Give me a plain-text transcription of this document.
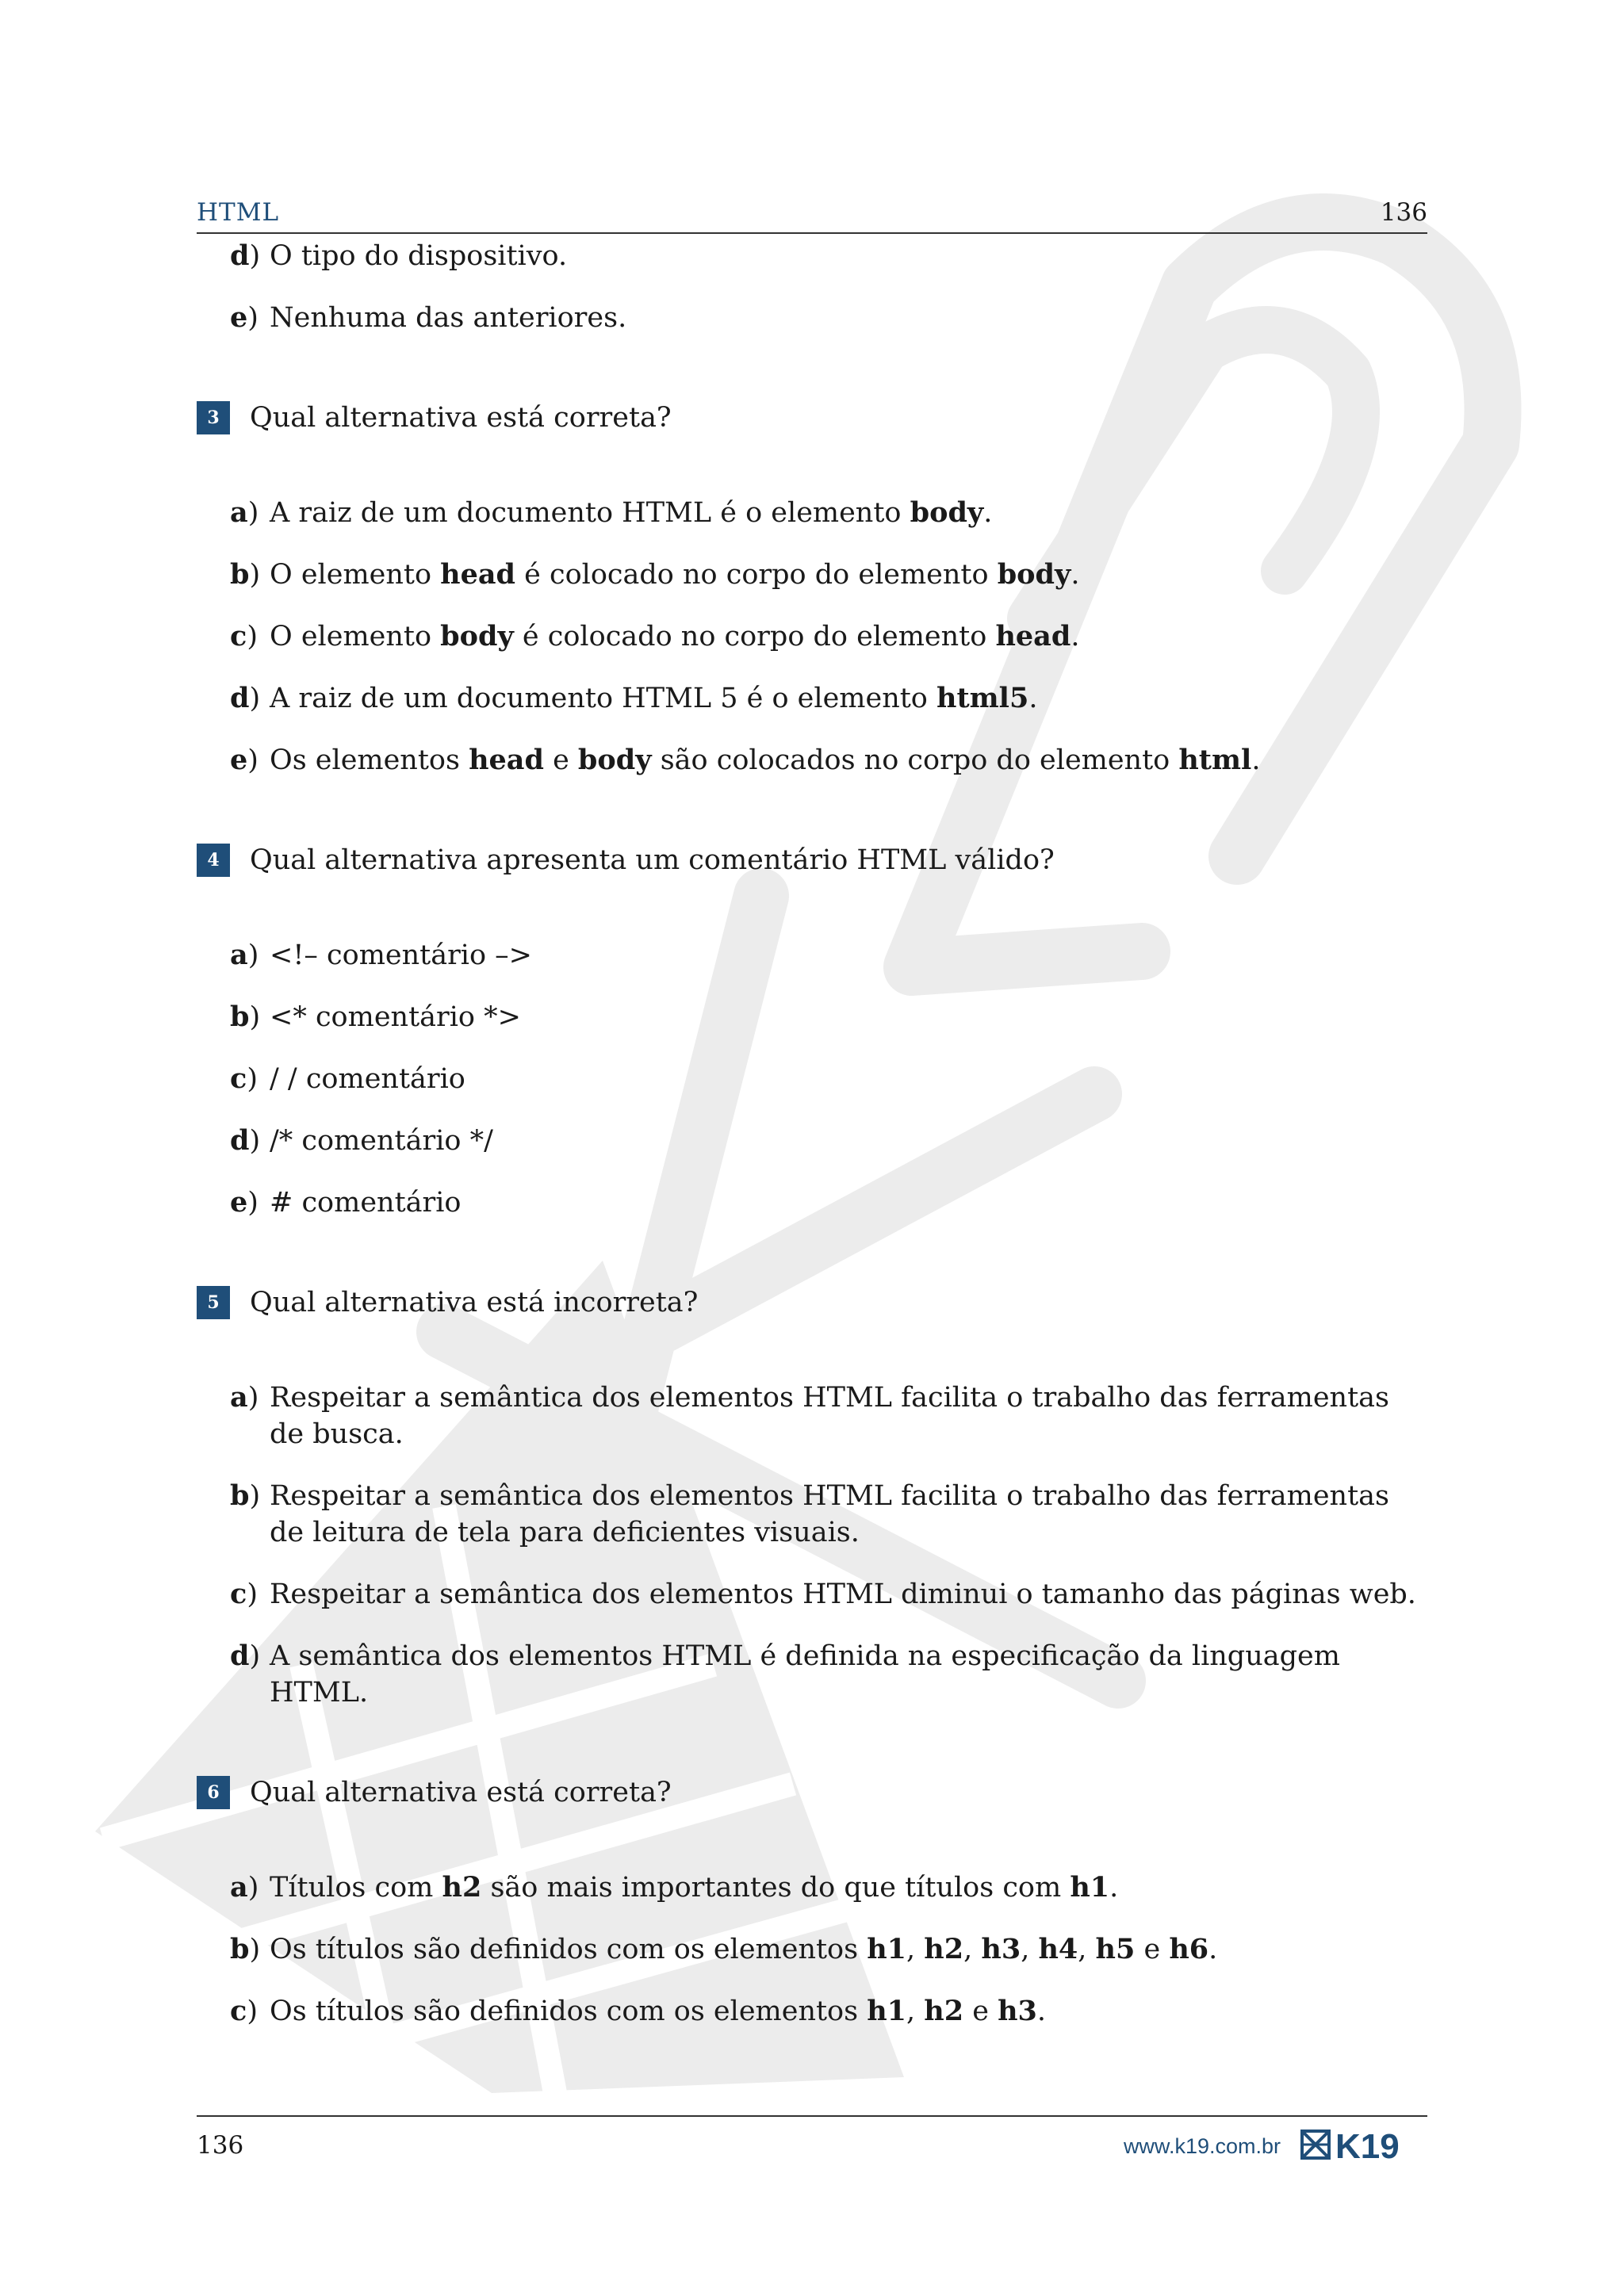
HTML	136
d) O tipo do dispositivo.
e) Nenhuma das anteriores.
3	Qual alternativa está correta?
a) A raiz de um documento HTML é o elemento body.
b) O elemento head é colocado no corpo do elemento body.
c) O elemento body é colocado no corpo do elemento head.
d) A raiz de um documento HTML 5 é o elemento html5.
e) Os elementos head e body são colocados no corpo do elemento html.
4	Qual alternativa apresenta um comentário HTML válido?
a) <!– comentário –>
b) <* comentário *>
c) / / comentário
d) /* comentário */
e) # comentário
5	Qual alternativa está incorreta?
a) Respeitar a semântica dos elementos HTML facilita o trabalho das ferramentas de busca.
b) Respeitar a semântica dos elementos HTML facilita o trabalho das ferramentas de leitura de tela para deficientes visuais.
c) Respeitar a semântica dos elementos HTML diminui o tamanho das páginas web.
d) A semântica dos elementos HTML é definida na especificação da linguagem HTML.
6	Qual alternativa está correta?
a) Títulos com h2 são mais importantes do que títulos com h1.
b) Os títulos são definidos com os elementos h1, h2, h3, h4, h5 e h6.
c) Os títulos são definidos com os elementos h1, h2 e h3.
136	www.k19.com.br K19
